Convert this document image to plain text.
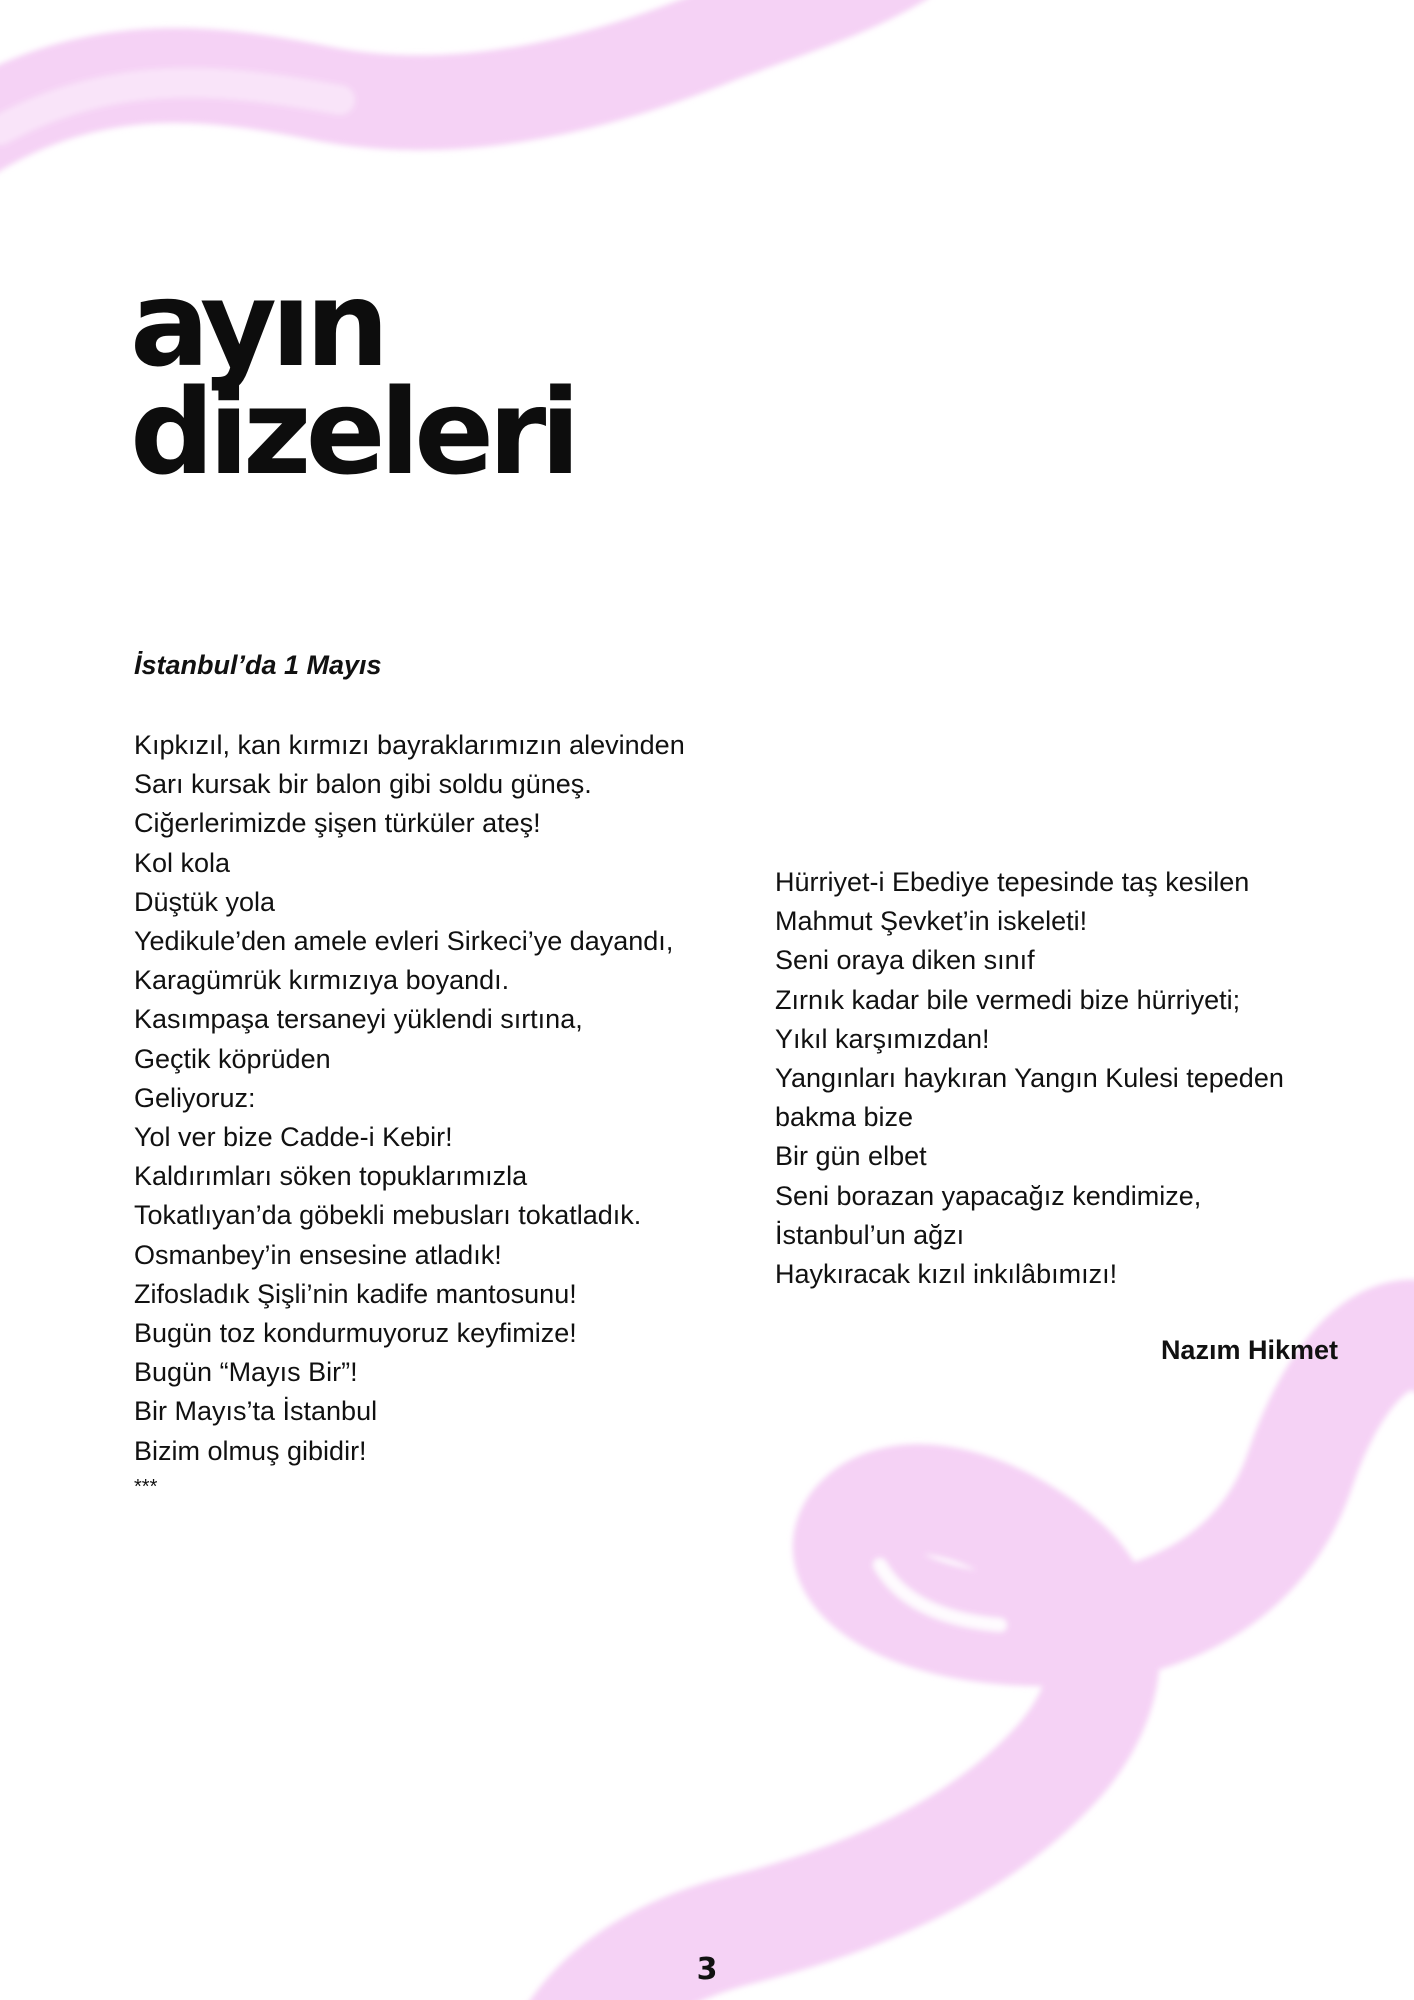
ayın
dizeleri
İstanbul’da 1 Mayıs
Kıpkızıl, kan kırmızı bayraklarımızın alevinden
Sarı kursak bir balon gibi soldu güneş.
Ciğerlerimizde şişen türküler ateş!
Kol kola
Düştük yola
Yedikule’den amele evleri Sirkeci’ye dayandı,
Karagümrük kırmızıya boyandı.
Kasımpaşa tersaneyi yüklendi sırtına,
Geçtik köprüden
Geliyoruz:
Yol ver bize Cadde-i Kebir!
Kaldırımları söken topuklarımızla
Tokatlıyan’da göbekli mebusları tokatladık.
Osmanbey’in ensesine atladık!
Zifosladık Şişli’nin kadife mantosunu!
Bugün toz kondurmuyoruz keyfimize!
Bugün “Mayıs Bir”!
Bir Mayıs’ta İstanbul
Bizim olmuş gibidir!
***
Hürriyet-i Ebediye tepesinde taş kesilen
Mahmut Şevket’in iskeleti!
Seni oraya diken sınıf
Zırnık kadar bile vermedi bize hürriyeti;
Yıkıl karşımızdan!
Yangınları haykıran Yangın Kulesi tepeden
bakma bize
Bir gün elbet
Seni borazan yapacağız kendimize,
İstanbul’un ağzı
Haykıracak kızıl inkılâbımızı!
Nazım Hikmet
3
